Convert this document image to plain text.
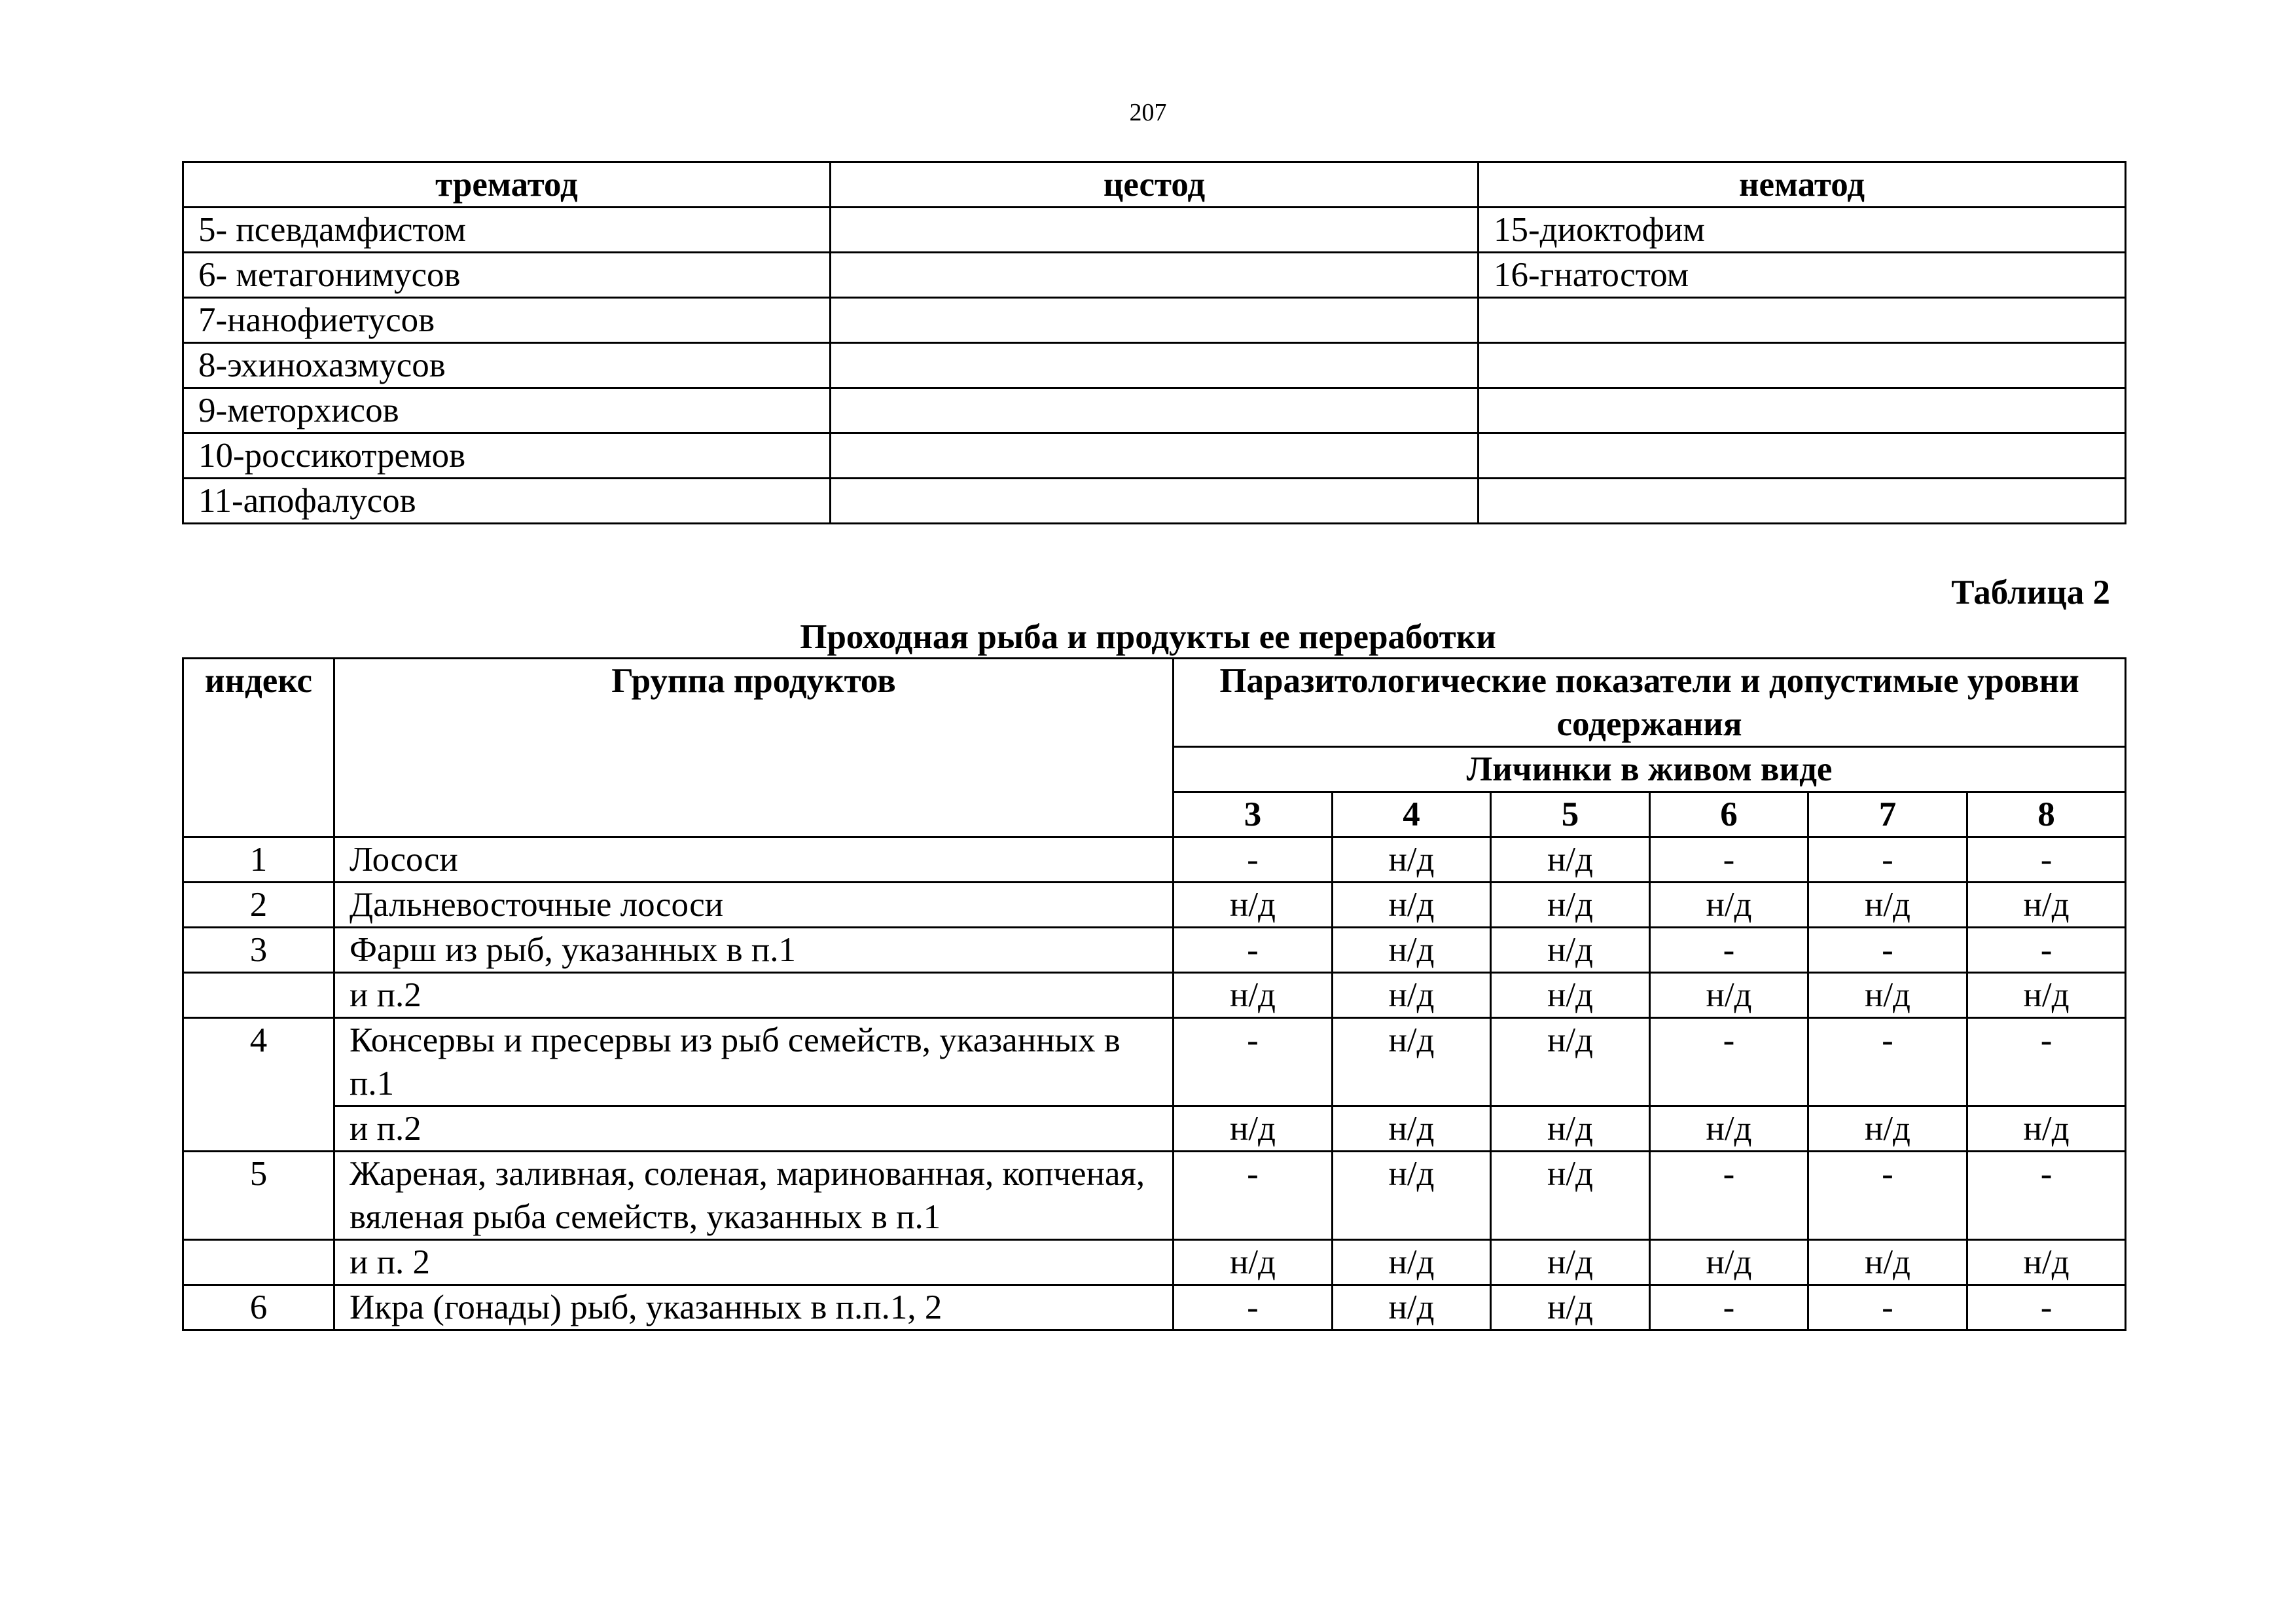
207
трематод	цестод	нематод
5- псевдамфистом		15-диоктофим
6- метагонимусов		16-гнатостом
7-нанофиетусов		
8-эхинохазмусов		
9-меторхисов		
10-россикотремов		
11-апофалусов		
Таблица 2
Проходная рыба и продукты ее переработки
индекс	Группа продуктов	Паразитологические показатели и допустимые уровни содержания					
		Личинки в живом виде					
		3	4	5	6	7	8
1	Лососи	-	н/д	н/д	-	-	-
2	Дальневосточные лососи	н/д	н/д	н/д	н/д	н/д	н/д
3	Фарш из рыб, указанных в п.1	-	н/д	н/д	-	-	-
	и п.2	н/д	н/д	н/д	н/д	н/д	н/д
4	Консервы и пресервы из рыб семейств, указанных в п.1	-	н/д	н/д	-	-	-
	и п.2	н/д	н/д	н/д	н/д	н/д	н/д
5	Жареная, заливная, соленая, маринованная, копченая, вяленая рыба семейств, указанных в п.1	-	н/д	н/д	-	-	-
	и п. 2	н/д	н/д	н/д	н/д	н/д	н/д
6	Икра (гонады) рыб, указанных в п.п.1, 2	-	н/д	н/д	-	-	-
